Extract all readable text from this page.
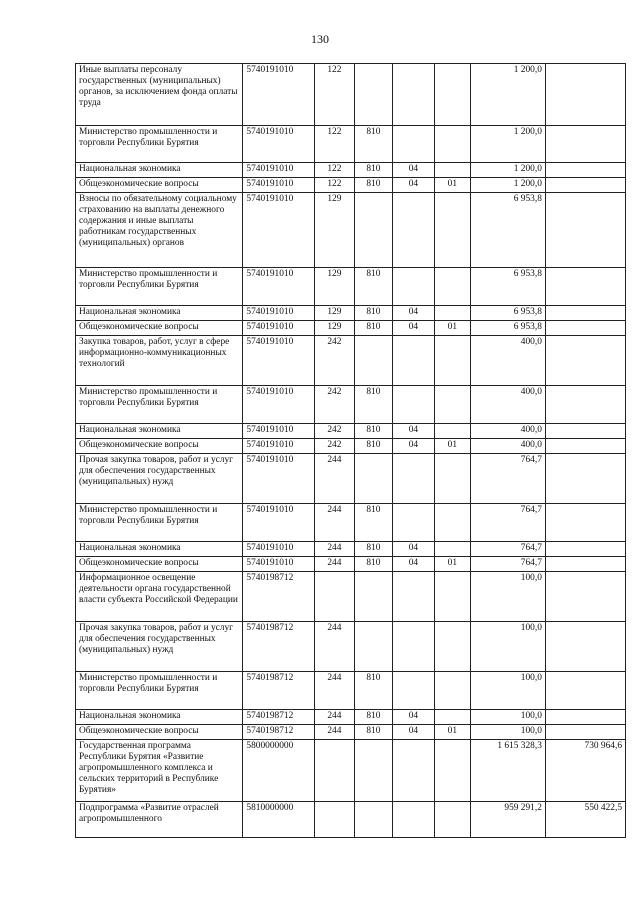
130
Иные выплаты персоналу государственных (муниципальных) органов, за исключением фонда оплаты труда	5740191010	122				1 200,0	
Министерство промышленности и торговли Республики Бурятия	5740191010	122	810			1 200,0	
Национальная экономика	5740191010	122	810	04		1 200,0	
Общеэкономические вопросы	5740191010	122	810	04	01	1 200,0	
Взносы по обязательному социальному страхованию на выплаты денежного содержания и иные выплаты работникам государственных (муниципальных) органов	5740191010	129				6 953,8	
Министерство промышленности и торговли Республики Бурятия	5740191010	129	810			6 953,8	
Национальная экономика	5740191010	129	810	04		6 953,8	
Общеэкономические вопросы	5740191010	129	810	04	01	6 953,8	
Закупка товаров, работ, услуг в сфере информационно-коммуникационных технологий	5740191010	242				400,0	
Министерство промышленности и торговли Республики Бурятия	5740191010	242	810			400,0	
Национальная экономика	5740191010	242	810	04		400,0	
Общеэкономические вопросы	5740191010	242	810	04	01	400,0	
Прочая закупка товаров, работ и услуг для обеспечения государственных (муниципальных) нужд	5740191010	244				764,7	
Министерство промышленности и торговли Республики Бурятия	5740191010	244	810			764,7	
Национальная экономика	5740191010	244	810	04		764,7	
Общеэкономические вопросы	5740191010	244	810	04	01	764,7	
Информационное освещение деятельности органа государственной власти субъекта Российской Федерации	5740198712					100,0	
Прочая закупка товаров, работ и услуг для обеспечения государственных (муниципальных) нужд	5740198712	244				100,0	
Министерство промышленности и торговли Республики Бурятия	5740198712	244	810			100,0	
Национальная экономика	5740198712	244	810	04		100,0	
Общеэкономические вопросы	5740198712	244	810	04	01	100,0	
Государственная программа Республики Бурятия «Развитие агропромышленного комплекса и сельских территорий в Республике Бурятия»	5800000000					1 615 328,3	730 964,6
Подпрограмма «Развитие отраслей агропромышленного	5810000000					959 291,2	550 422,5
